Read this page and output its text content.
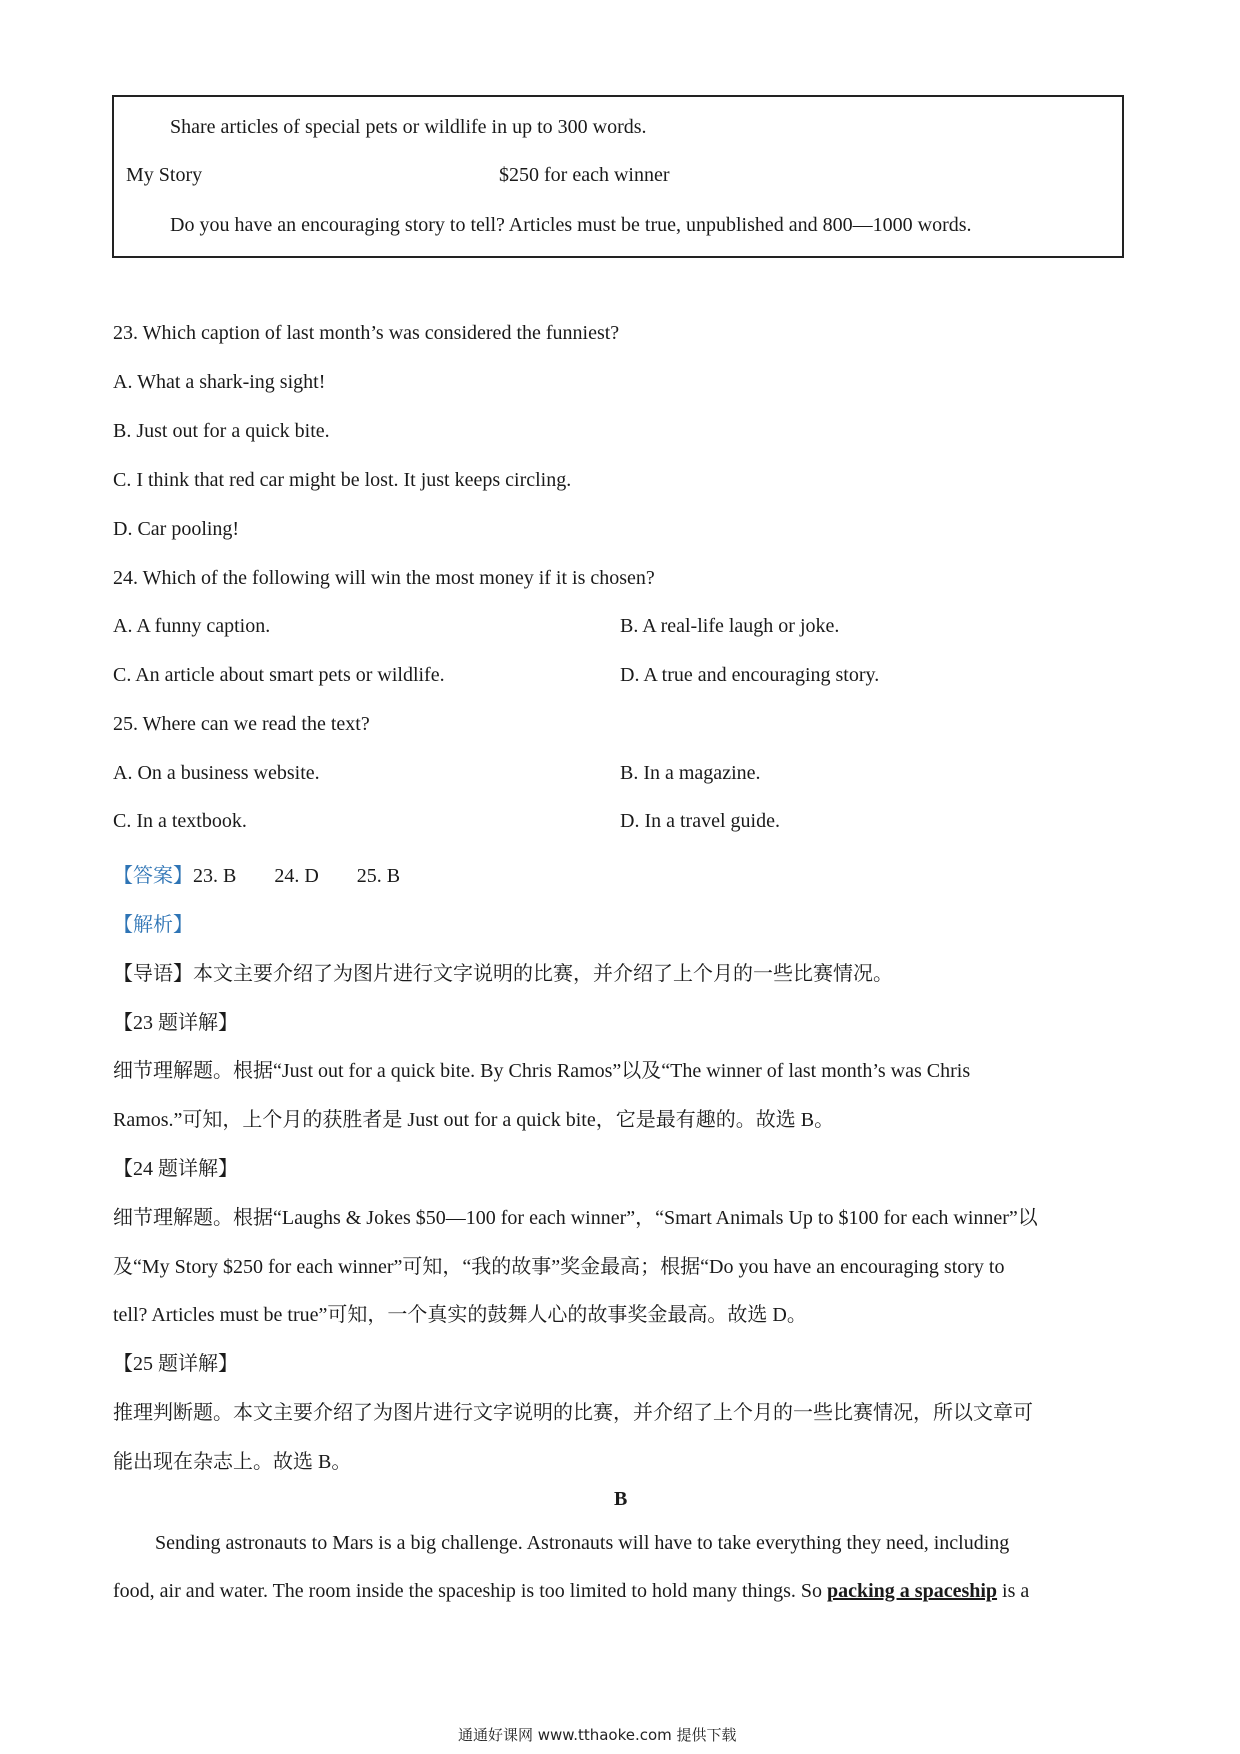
Share articles of special pets or wildlife in up to 300 words.
My Story	$250 for each winner
Do you have an encouraging story to tell? Articles must be true, unpublished and 800—1000 words.
23. Which caption of last month’s was considered the funniest?
A. What a shark-ing sight!
B. Just out for a quick bite.
C. I think that red car might be lost. It just keeps circling.
D. Car pooling!
24. Which of the following will win the most money if it is chosen?
A. A funny caption.	B. A real-life laugh or joke.
C. An article about smart pets or wildlife.	D. A true and encouraging story.
25. Where can we read the text?
A. On a business website.	B. In a magazine.
C. In a textbook.	D. In a travel guide.
【答案】23. B 24. D 25. B
【解析】
【导语】本文主要介绍了为图片进行文字说明的比赛，并介绍了上个月的一些比赛情况。
【23 题详解】
细节理解题。根据“Just out for a quick bite. By Chris Ramos”以及“The winner of last month’s was Chris
Ramos.”可知，上个月的获胜者是 Just out for a quick bite，它是最有趣的。故选 B。
【24 题详解】
细节理解题。根据“Laughs & Jokes $50—100 for each winner”，“Smart Animals Up to $100 for each winner”以
及“My Story $250 for each winner”可知，“我的故事”奖金最高；根据“Do you have an encouraging story to
tell? Articles must be true”可知，一个真实的鼓舞人心的故事奖金最高。故选 D。
【25 题详解】
推理判断题。本文主要介绍了为图片进行文字说明的比赛，并介绍了上个月的一些比赛情况，所以文章可
能出现在杂志上。故选 B。
B
Sending astronauts to Mars is a big challenge. Astronauts will have to take everything they need, including
food, air and water. The room inside the spaceship is too limited to hold many things. So packing a spaceship is a
通通好课网 www.tthaoke.com 提供下载
